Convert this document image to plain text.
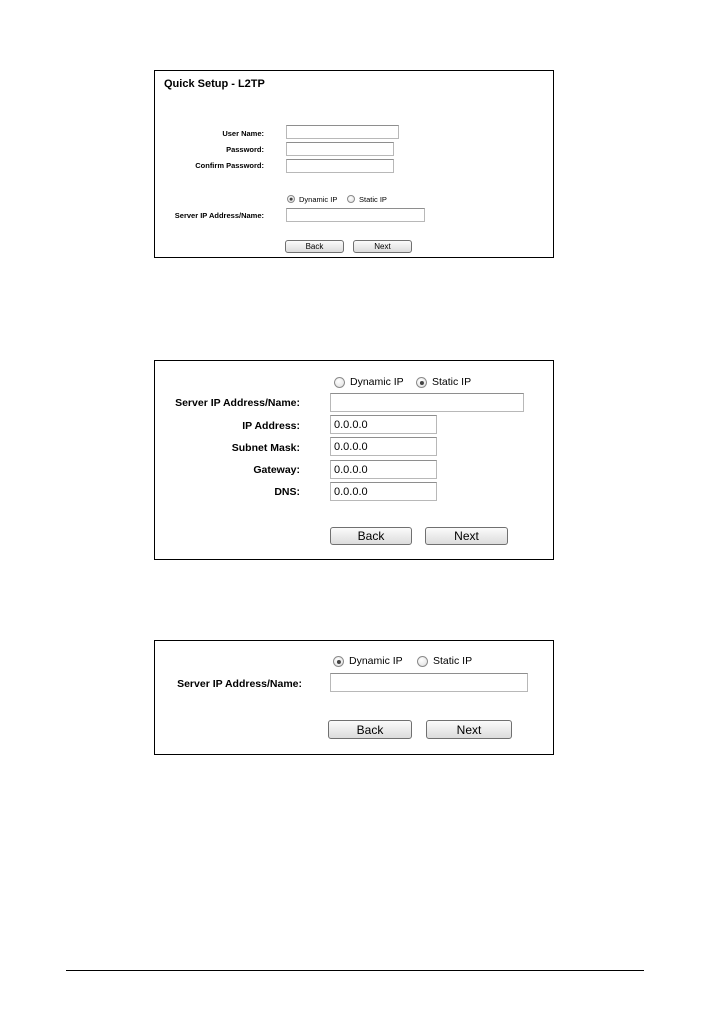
Quick Setup - L2TP
User Name:
Password:
Confirm Password:
Dynamic IP	Static IP
Server IP Address/Name:
Back	Next
Dynamic IP	Static IP
Server IP Address/Name:
IP Address:
0.0.0.0
Subnet Mask:
0.0.0.0
Gateway:
0.0.0.0
DNS:
0.0.0.0
Back	Next
Dynamic IP	Static IP
Server IP Address/Name:
Back	Next
